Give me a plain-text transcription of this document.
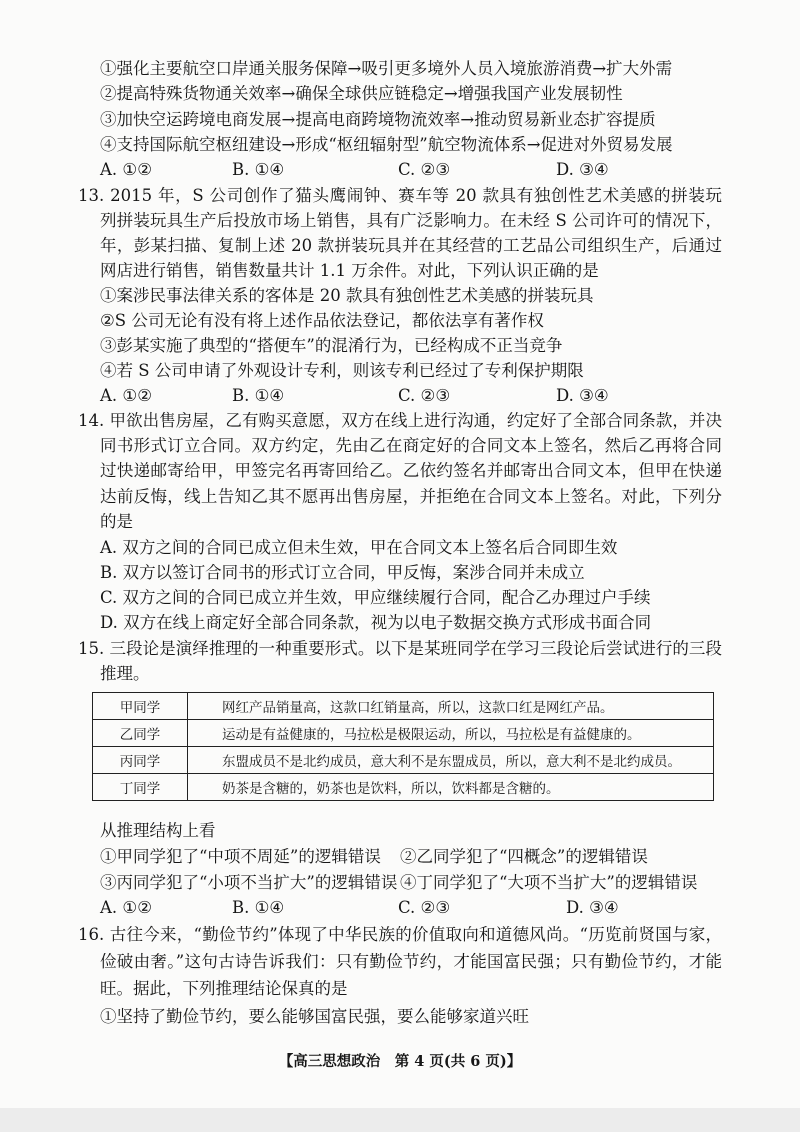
①强化主要航空口岸通关服务保障→吸引更多境外人员入境旅游消费→扩大外需
②提高特殊货物通关效率→确保全球供应链稳定→增强我国产业发展韧性
③加快空运跨境电商发展→提高电商跨境物流效率→推动贸易新业态扩容提质
④支持国际航空枢纽建设→形成“枢纽辐射型”航空物流体系→促进对外贸易发展
A. ①②	B. ①④	C. ②③	D. ③④
13. 2015 年，S 公司创作了猫头鹰闹钟、赛车等 20 款具有独创性艺术美感的拼装玩
列拼装玩具生产后投放市场上销售，具有广泛影响力。在未经 S 公司许可的情况下，
年，彭某扫描、复制上述 20 款拼装玩具并在其经营的工艺品公司组织生产，后通过
网店进行销售，销售数量共计 1.1 万余件。对此，下列认识正确的是
①案涉民事法律关系的客体是 20 款具有独创性艺术美感的拼装玩具
②S 公司无论有没有将上述作品依法登记，都依法享有著作权
③彭某实施了典型的“搭便车”的混淆行为，已经构成不正当竞争
④若 S 公司申请了外观设计专利，则该专利已经过了专利保护期限
A. ①②	B. ①④	C. ②③	D. ③④
14. 甲欲出售房屋，乙有购买意愿，双方在线上进行沟通，约定好了全部合同条款，并决
同书形式订立合同。双方约定，先由乙在商定好的合同文本上签名，然后乙再将合同
过快递邮寄给甲，甲签完名再寄回给乙。乙依约签名并邮寄出合同文本，但甲在快递
达前反悔，线上告知乙其不愿再出售房屋，并拒绝在合同文本上签名。对此，下列分
的是
A. 双方之间的合同已成立但未生效，甲在合同文本上签名后合同即生效
B. 双方以签订合同书的形式订立合同，甲反悔，案涉合同并未成立
C. 双方之间的合同已成立并生效，甲应继续履行合同，配合乙办理过户手续
D. 双方在线上商定好全部合同条款，视为以电子数据交换方式形成书面合同
15. 三段论是演绎推理的一种重要形式。以下是某班同学在学习三段论后尝试进行的三段
推理。
甲同学	网红产品销量高，这款口红销量高，所以，这款口红是网红产品。
乙同学	运动是有益健康的，马拉松是极限运动，所以，马拉松是有益健康的。
丙同学	东盟成员不是北约成员，意大利不是东盟成员，所以，意大利不是北约成员。
丁同学	奶茶是含糖的，奶茶也是饮料，所以，饮料都是含糖的。
从推理结构上看
①甲同学犯了“中项不周延”的逻辑错误 ②乙同学犯了“四概念”的逻辑错误
③丙同学犯了“小项不当扩大”的逻辑错误 ④丁同学犯了“大项不当扩大”的逻辑错误
A. ①②	B. ①④	C. ②③	D. ③④
16. 古往今来，“勤俭节约”体现了中华民族的价值取向和道德风尚。“历览前贤国与家，
俭破由奢。”这句古诗告诉我们：只有勤俭节约，才能国富民强；只有勤俭节约，才能
旺。据此，下列推理结论保真的是
①坚持了勤俭节约，要么能够国富民强，要么能够家道兴旺
【高三思想政治　第 4 页(共 6 页)】
